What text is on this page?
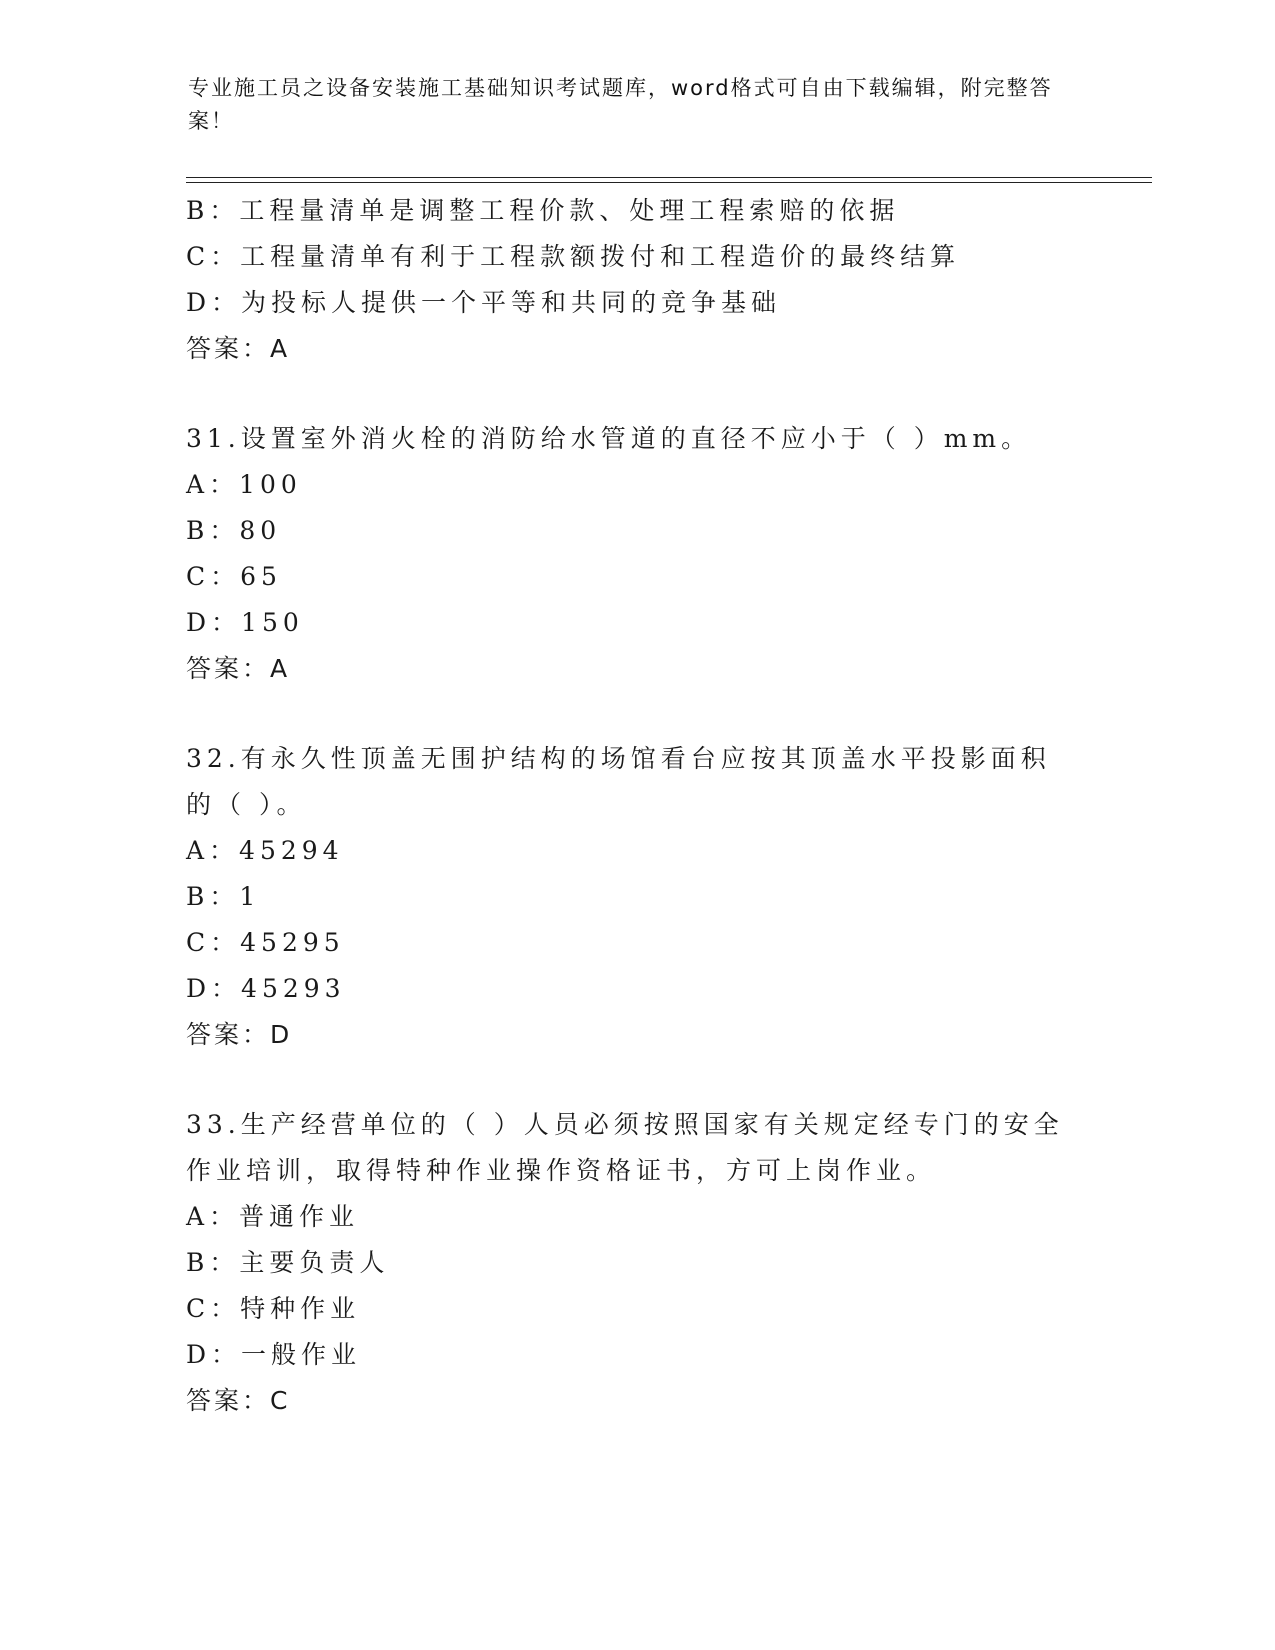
专业施工员之设备安装施工基础知识考试题库，word格式可自由下载编辑，附完整答案！
B：工程量清单是调整工程价款、处理工程索赔的依据
C：工程量清单有利于工程款额拨付和工程造价的最终结算
D：为投标人提供一个平等和共同的竞争基础
答案：A
31.设置室外消火栓的消防给水管道的直径不应小于（ ）mm。
A：100
B：80
C：65
D：150
答案：A
32.有永久性顶盖无围护结构的场馆看台应按其顶盖水平投影面积的（ ）。
A：45294
B：1
C：45295
D：45293
答案：D
33.生产经营单位的（ ）人员必须按照国家有关规定经专门的安全作业培训，取得特种作业操作资格证书，方可上岗作业。
A：普通作业
B：主要负责人
C：特种作业
D：一般作业
答案：C
